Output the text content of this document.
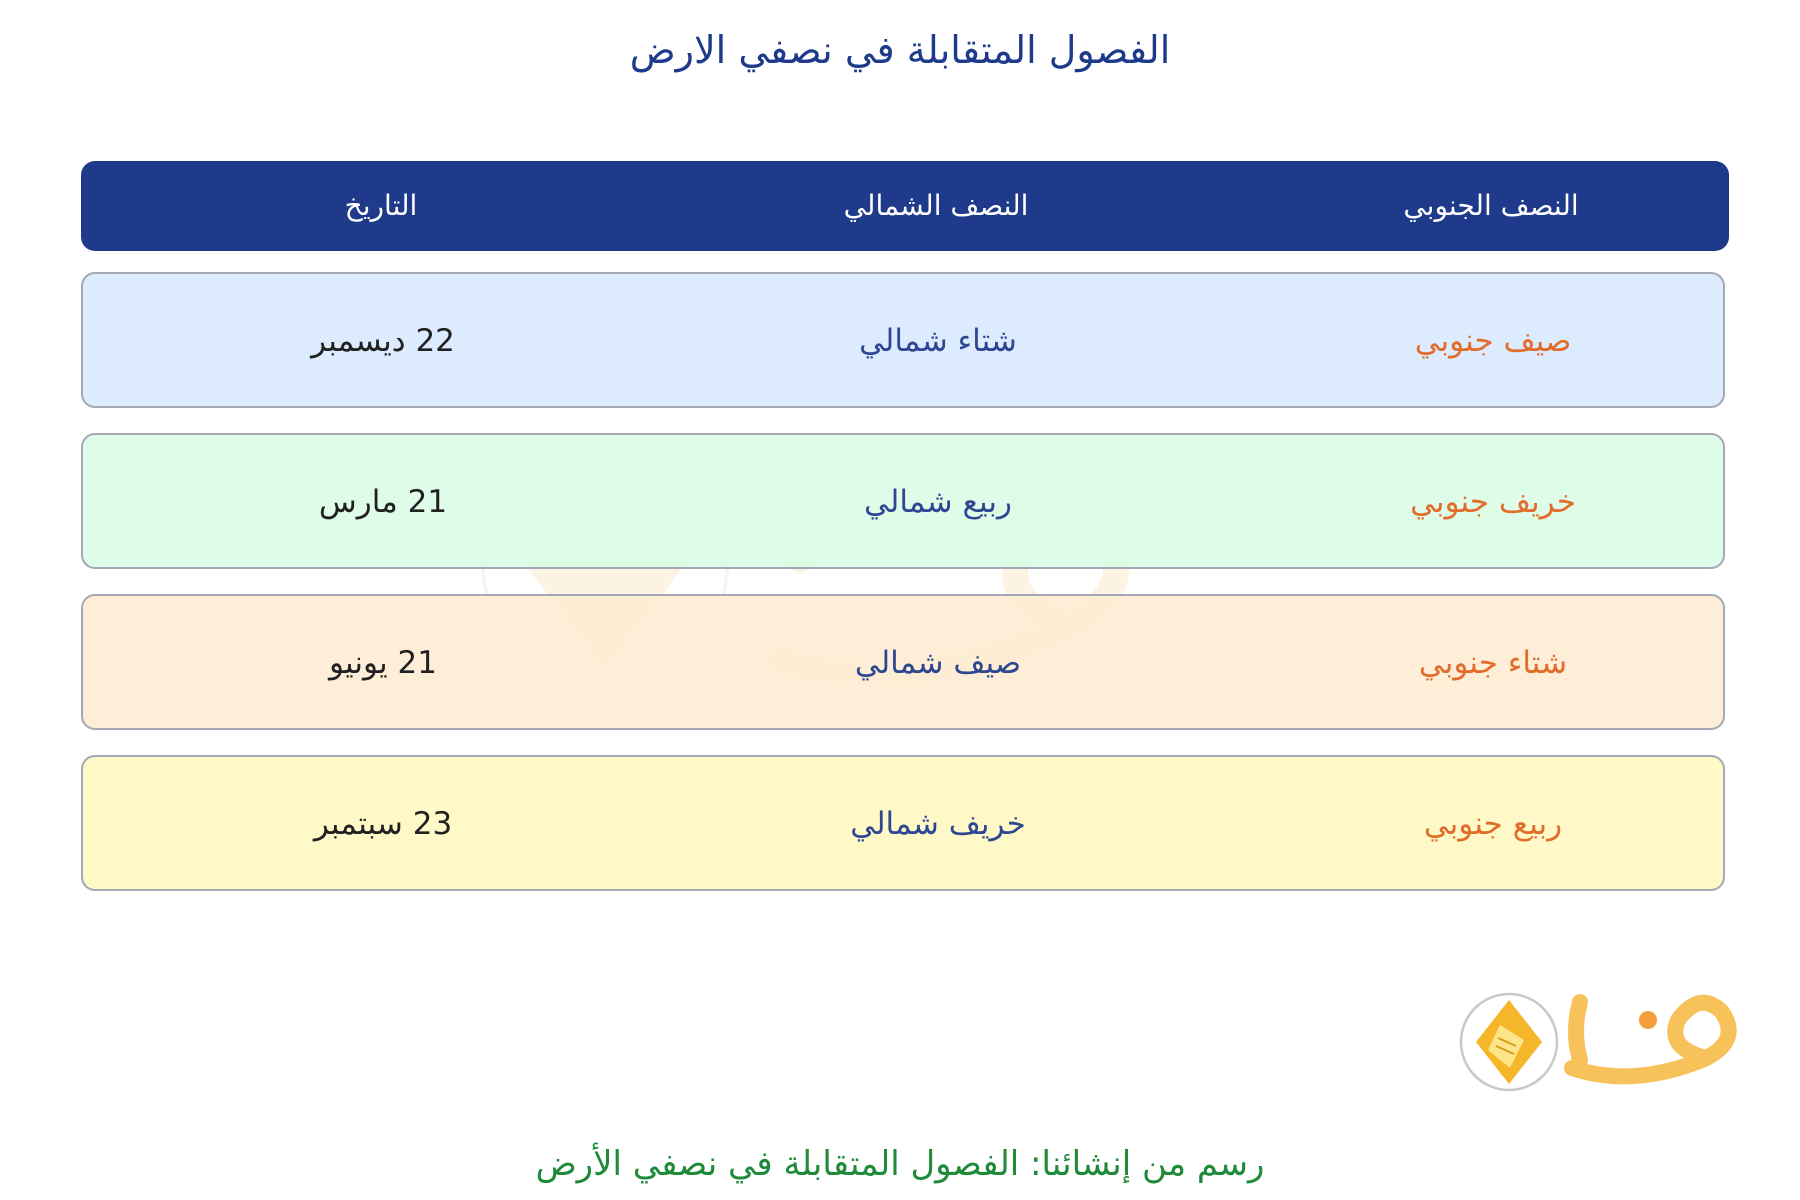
الفصول المتقابلة في نصفي الارض
النصف الجنوبي
النصف الشمالي
التاريخ
صيف جنوبي
شتاء شمالي
22 ديسمبر
خريف جنوبي
ربيع شمالي
21 مارس
شتاء جنوبي
صيف شمالي
21 يونيو
ربيع جنوبي
خريف شمالي
23 سبتمبر
رسم من إنشائنا: الفصول المتقابلة في نصفي الأرض
